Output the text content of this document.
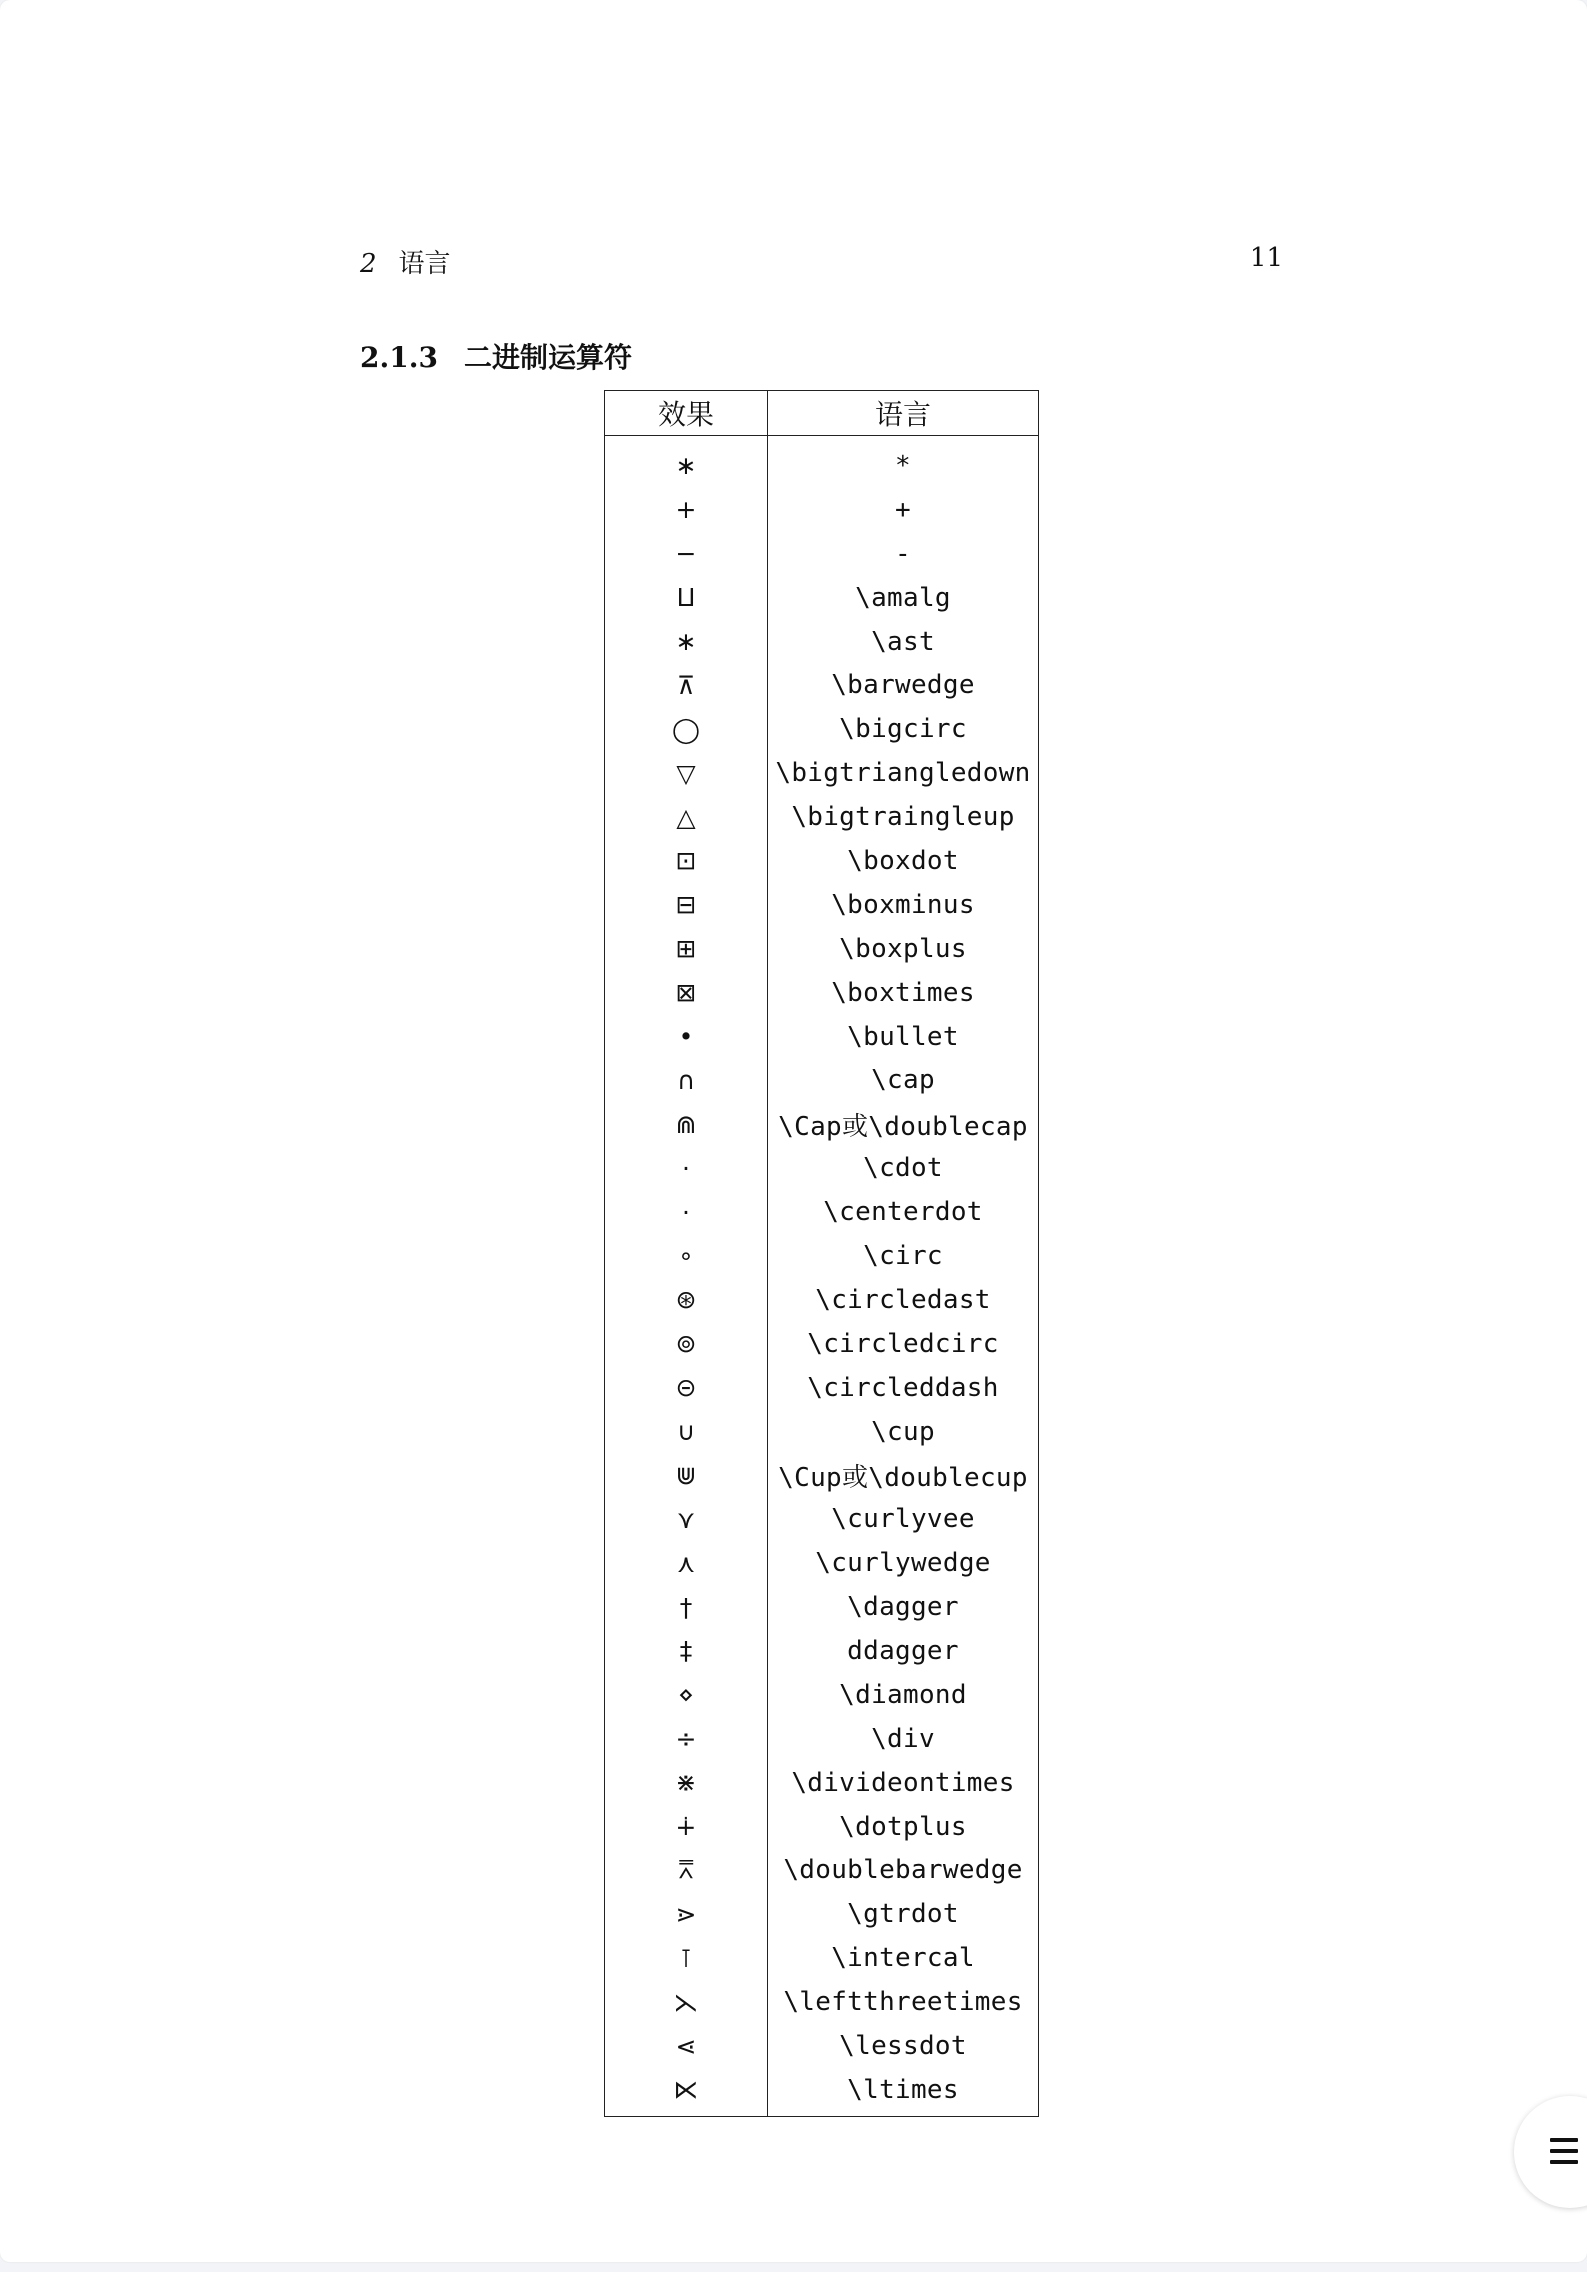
2 语言	11
2.1.3 二进制运算符
效果	语言
∗	*
+	+
−	-
⨿	\amalg
∗	\ast
⊼	\barwedge
◯	\bigcirc
▽	\bigtriangledown
△	\bigtraingleup
⊡	\boxdot
⊟	\boxminus
⊞	\boxplus
⊠	\boxtimes
•	\bullet
∩	\cap
⋒	\Cap或\doublecap
·	\cdot
·	\centerdot
∘	\circ
⊛	\circledast
⊚	\circledcirc
⊝	\circleddash
∪	\cup
⋓	\Cup或\doublecup
⋎	\curlyvee
⋏	\curlywedge
†	\dagger
‡	ddagger
⋄	\diamond
÷	\div
⋇	\divideontimes
∔	\dotplus
⩞	\doublebarwedge
⋗	\gtrdot
⊺	\intercal
⋋	\leftthreetimes
⋖	\lessdot
⋉	\ltimes
